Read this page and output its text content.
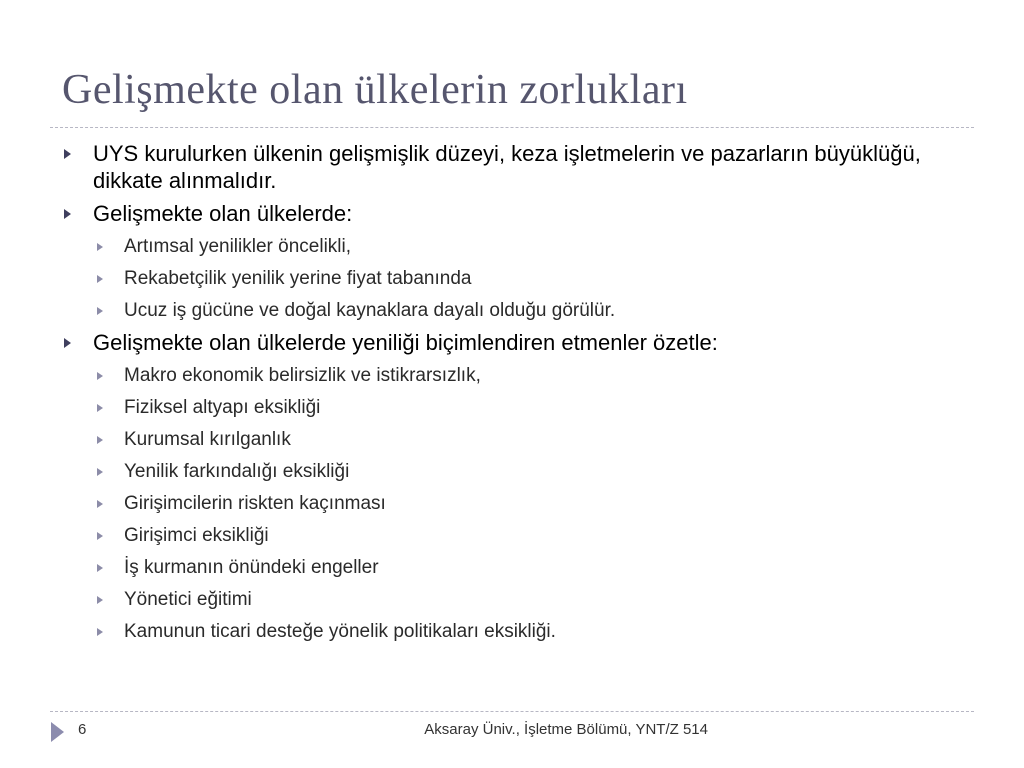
Gelişmekte olan ülkelerin zorlukları
UYS kurulurken ülkenin gelişmişlik düzeyi, keza işletmelerin ve pazarların büyüklüğü, dikkate alınmalıdır.
Gelişmekte olan ülkelerde:
Artımsal yenilikler öncelikli,
Rekabetçilik yenilik yerine fiyat tabanında
Ucuz iş gücüne ve doğal kaynaklara dayalı olduğu görülür.
Gelişmekte olan ülkelerde yeniliği biçimlendiren etmenler özetle:
Makro ekonomik belirsizlik ve istikrarsızlık,
Fiziksel altyapı eksikliği
Kurumsal kırılganlık
Yenilik farkındalığı eksikliği
Girişimcilerin riskten kaçınması
Girişimci eksikliği
İş kurmanın önündeki engeller
Yönetici eğitimi
Kamunun ticari desteğe yönelik politikaları eksikliği.
6	Aksaray Üniv., İşletme Bölümü, YNT/Z 514
